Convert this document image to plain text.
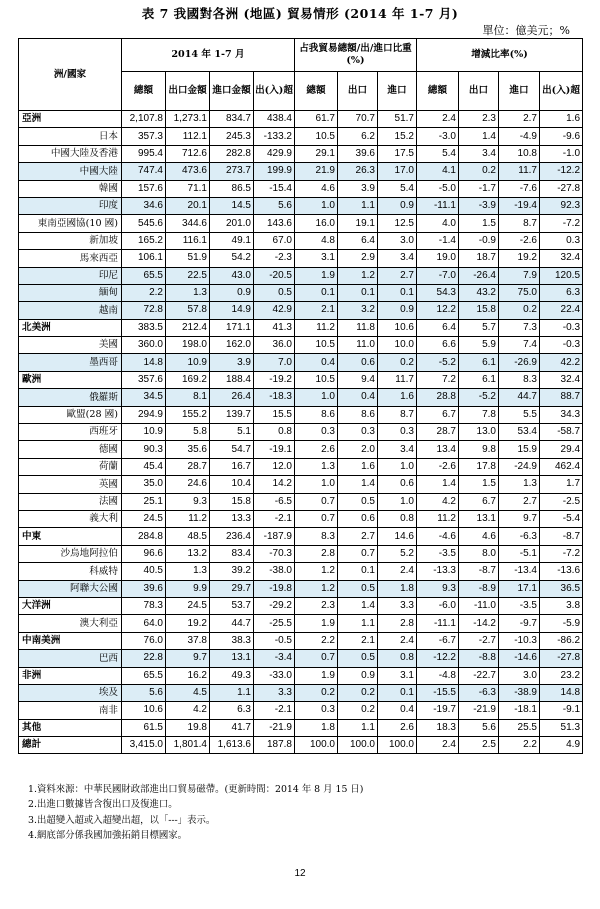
表 7 我國對各洲 (地區) 貿易情形 (2014 年 1-7 月)
單位：億美元；%
洲/國家	2014 年 1-7 月				占我貿易總額/出/進口比重(%)			增減比率(%)			
	總額	出口金額	進口金額	出(入)超	總額	出口	進口	總額	出口	進口	出(入)超
亞洲	2,107.8	1,273.1	834.7	438.4	61.7	70.7	51.7	2.4	2.3	2.7	1.6
日本	357.3	112.1	245.3	-133.2	10.5	6.2	15.2	-3.0	1.4	-4.9	-9.6
中國大陸及香港	995.4	712.6	282.8	429.9	29.1	39.6	17.5	5.4	3.4	10.8	-1.0
中國大陸	747.4	473.6	273.7	199.9	21.9	26.3	17.0	4.1	0.2	11.7	-12.2
韓國	157.6	71.1	86.5	-15.4	4.6	3.9	5.4	-5.0	-1.7	-7.6	-27.8
印度	34.6	20.1	14.5	5.6	1.0	1.1	0.9	-11.1	-3.9	-19.4	92.3
東南亞國協(10 國)	545.6	344.6	201.0	143.6	16.0	19.1	12.5	4.0	1.5	8.7	-7.2
新加坡	165.2	116.1	49.1	67.0	4.8	6.4	3.0	-1.4	-0.9	-2.6	0.3
馬來西亞	106.1	51.9	54.2	-2.3	3.1	2.9	3.4	19.0	18.7	19.2	32.4
印尼	65.5	22.5	43.0	-20.5	1.9	1.2	2.7	-7.0	-26.4	7.9	120.5
緬甸	2.2	1.3	0.9	0.5	0.1	0.1	0.1	54.3	43.2	75.0	6.3
越南	72.8	57.8	14.9	42.9	2.1	3.2	0.9	12.2	15.8	0.2	22.4
北美洲	383.5	212.4	171.1	41.3	11.2	11.8	10.6	6.4	5.7	7.3	-0.3
美國	360.0	198.0	162.0	36.0	10.5	11.0	10.0	6.6	5.9	7.4	-0.3
墨西哥	14.8	10.9	3.9	7.0	0.4	0.6	0.2	-5.2	6.1	-26.9	42.2
歐洲	357.6	169.2	188.4	-19.2	10.5	9.4	11.7	7.2	6.1	8.3	32.4
俄羅斯	34.5	8.1	26.4	-18.3	1.0	0.4	1.6	28.8	-5.2	44.7	88.7
歐盟(28 國)	294.9	155.2	139.7	15.5	8.6	8.6	8.7	6.7	7.8	5.5	34.3
西班牙	10.9	5.8	5.1	0.8	0.3	0.3	0.3	28.7	13.0	53.4	-58.7
德國	90.3	35.6	54.7	-19.1	2.6	2.0	3.4	13.4	9.8	15.9	29.4
荷蘭	45.4	28.7	16.7	12.0	1.3	1.6	1.0	-2.6	17.8	-24.9	462.4
英國	35.0	24.6	10.4	14.2	1.0	1.4	0.6	1.4	1.5	1.3	1.7
法國	25.1	9.3	15.8	-6.5	0.7	0.5	1.0	4.2	6.7	2.7	-2.5
義大利	24.5	11.2	13.3	-2.1	0.7	0.6	0.8	11.2	13.1	9.7	-5.4
中東	284.8	48.5	236.4	-187.9	8.3	2.7	14.6	-4.6	4.6	-6.3	-8.7
沙烏地阿拉伯	96.6	13.2	83.4	-70.3	2.8	0.7	5.2	-3.5	8.0	-5.1	-7.2
科威特	40.5	1.3	39.2	-38.0	1.2	0.1	2.4	-13.3	-8.7	-13.4	-13.6
阿聯大公國	39.6	9.9	29.7	-19.8	1.2	0.5	1.8	9.3	-8.9	17.1	36.5
大洋洲	78.3	24.5	53.7	-29.2	2.3	1.4	3.3	-6.0	-11.0	-3.5	3.8
澳大利亞	64.0	19.2	44.7	-25.5	1.9	1.1	2.8	-11.1	-14.2	-9.7	-5.9
中南美洲	76.0	37.8	38.3	-0.5	2.2	2.1	2.4	-6.7	-2.7	-10.3	-86.2
巴西	22.8	9.7	13.1	-3.4	0.7	0.5	0.8	-12.2	-8.8	-14.6	-27.8
非洲	65.5	16.2	49.3	-33.0	1.9	0.9	3.1	-4.8	-22.7	3.0	23.2
埃及	5.6	4.5	1.1	3.3	0.2	0.2	0.1	-15.5	-6.3	-38.9	14.8
南非	10.6	4.2	6.3	-2.1	0.3	0.2	0.4	-19.7	-21.9	-18.1	-9.1
其他	61.5	19.8	41.7	-21.9	1.8	1.1	2.6	18.3	5.6	25.5	51.3
總計	3,415.0	1,801.4	1,613.6	187.8	100.0	100.0	100.0	2.4	2.5	2.2	4.9
1.資料來源：中華民國財政部進出口貿易磁帶。(更新時間：2014 年 8 月 15 日)
2.出進口數據皆含復出口及復進口。
3.出超變入超或入超變出超，以「---」表示。
4.網底部分係我國加強拓銷目標國家。
12
